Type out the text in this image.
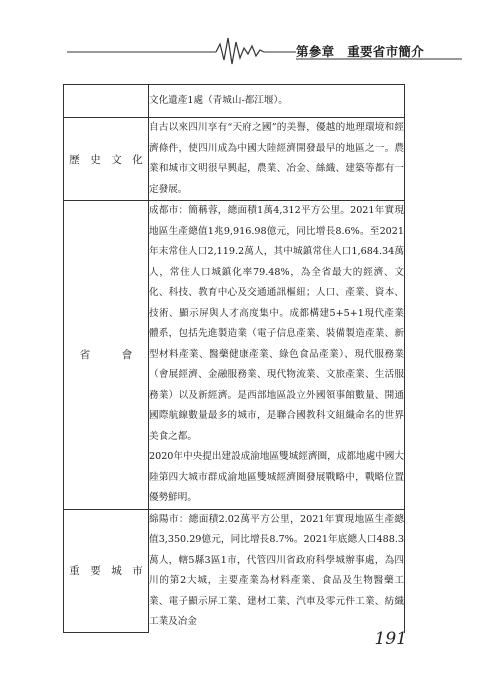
第參章　重要省市簡介

	文化遺產1處（青城山-都江堰）。

歷　史　文　化	自古以來四川享有“天府之國”的美譽，優越的地理環境和經濟條件，使四川成為中國大陸經濟開發最早的地區之一。農業和城市文明很早興起，農業、冶金、絲織、建築等都有一定發展。

省　　　會	成都市：簡稱蓉，總面積1萬4,312平方公里。2021年實現地區生產總值1兆9,916.98億元，同比增長8.6%。至2021年末常住人口2,119.2萬人，其中城鎮常住人口1,684.34萬人，常住人口城鎮化率79.48%，為全省最大的經濟、文化、科技、教育中心及交通通訊樞紐；人口、產業、資本、技術、顯示屏與人才高度集中。成都構建5+5+1現代產業體系，包括先進製造業（電子信息產業、裝備製造產業、新型材料產業、醫藥健康產業、綠色食品產業）、現代服務業（會展經濟、金融服務業、現代物流業、文旅產業、生活服務業）以及新經濟。是西部地區設立外國領事館數量、開通國際航線數量最多的城市，是聯合國教科文組織命名的世界美食之都。

2020年中央提出建設成渝地區雙城經濟圈，成都地處中國大陸第四大城市群成渝地區雙城經濟圈發展戰略中，戰略位置優勢鮮明。

重　要　城　市	綿陽市：總面積2.02萬平方公里，2021年實現地區生產總值3,350.29億元，同比增長8.7%。2021年底總人口488.3萬人，轄5縣3區1市，代管四川省政府科學城辦事處，為四川的第2大城，主要產業為材料產業、食品及生物醫藥工業、電子顯示屏工業、建材工業、汽車及零元件工業、紡織工業及冶金

191
